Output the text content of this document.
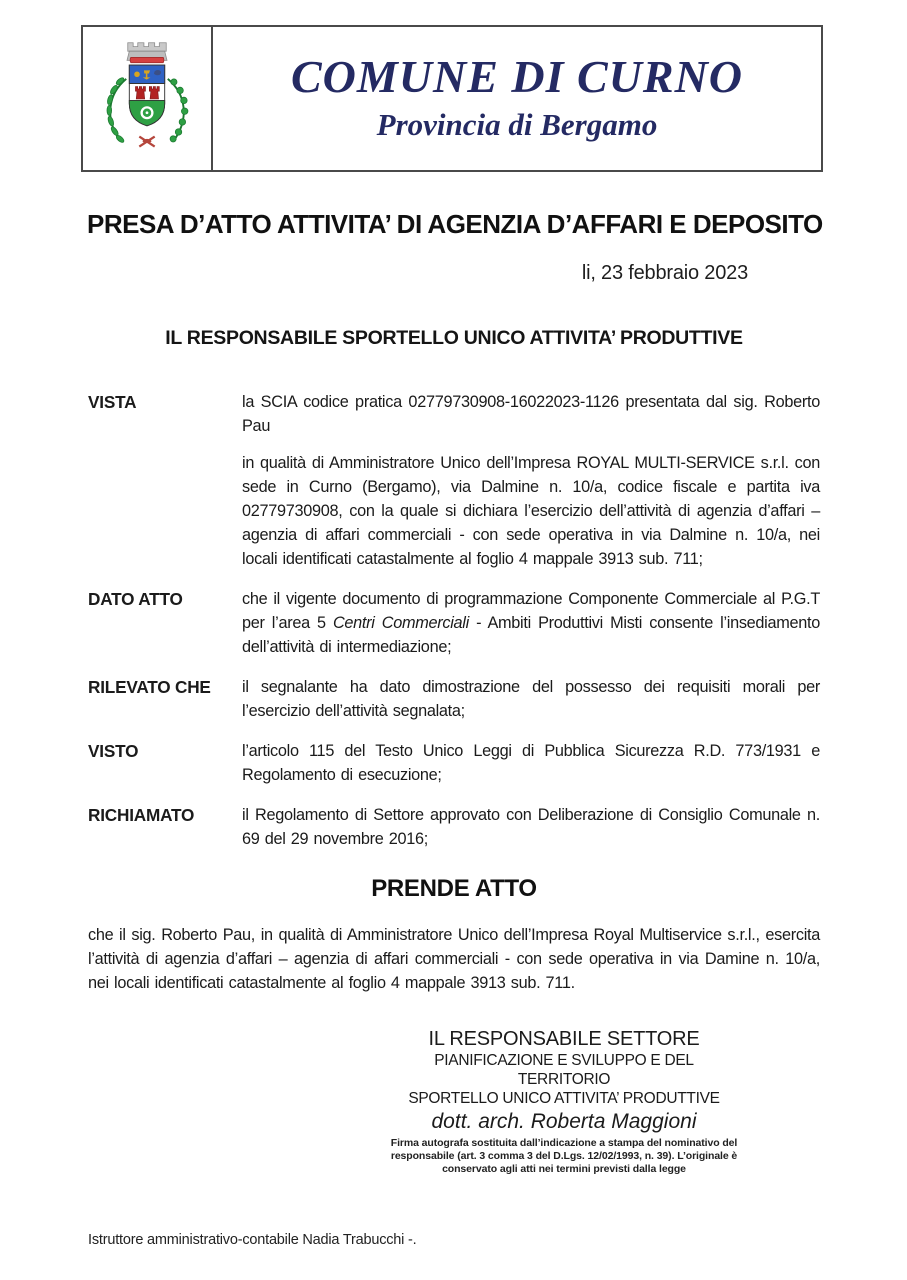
COMUNE DI CURNO
Provincia di Bergamo
PRESA D’ATTO ATTIVITA’ DI AGENZIA D’AFFARI E DEPOSITO
li, 23 febbraio 2023
IL RESPONSABILE SPORTELLO UNICO ATTIVITA’ PRODUTTIVE
VISTA	la SCIA codice pratica 02779730908-16022023-1126 presentata dal sig. Roberto Pau

in qualità di Amministratore Unico dell’Impresa ROYAL MULTI-SERVICE s.r.l. con sede in Curno (Bergamo), via Dalmine n. 10/a, codice fiscale e partita iva 02779730908, con la quale si dichiara l’esercizio dell’attività di agenzia d’affari – agenzia di affari commerciali - con sede operativa in via Dalmine n. 10/a, nei locali identificati catastalmente al foglio 4 mappale 3913 sub. 711;

DATO ATTO	che il vigente documento di programmazione Componente Commerciale al P.G.T per l’area 5 Centri Commerciali - Ambiti Produttivi Misti consente l’insediamento dell’attività di intermediazione;

RILEVATO CHE	il segnalante ha dato dimostrazione del possesso dei requisiti morali per l’esercizio dell’attività segnalata;

VISTO	l’articolo 115 del Testo Unico Leggi di Pubblica Sicurezza R.D. 773/1931 e Regolamento di esecuzione;

RICHIAMATO	il Regolamento di Settore approvato con Deliberazione di Consiglio Comunale n. 69 del 29 novembre 2016;

PRENDE ATTO

che il sig. Roberto Pau, in qualità di Amministratore Unico dell’Impresa Royal Multiservice s.r.l., esercita l’attività di agenzia d’affari – agenzia di affari commerciali - con sede operativa in via Damine n. 10/a, nei locali identificati catastalmente al foglio 4 mappale 3913 sub. 711.

IL RESPONSABILE SETTORE
PIANIFICAZIONE E SVILUPPO E DEL TERRITORIO
SPORTELLO UNICO ATTIVITA’ PRODUTTIVE
dott. arch. Roberta Maggioni
Firma autografa sostituita dall’indicazione a stampa del nominativo del responsabile (art. 3 comma 3 del D.Lgs. 12/02/1993, n. 39). L’originale è conservato agli atti nei termini previsti dalla legge

Istruttore amministrativo-contabile Nadia Trabucchi -.
